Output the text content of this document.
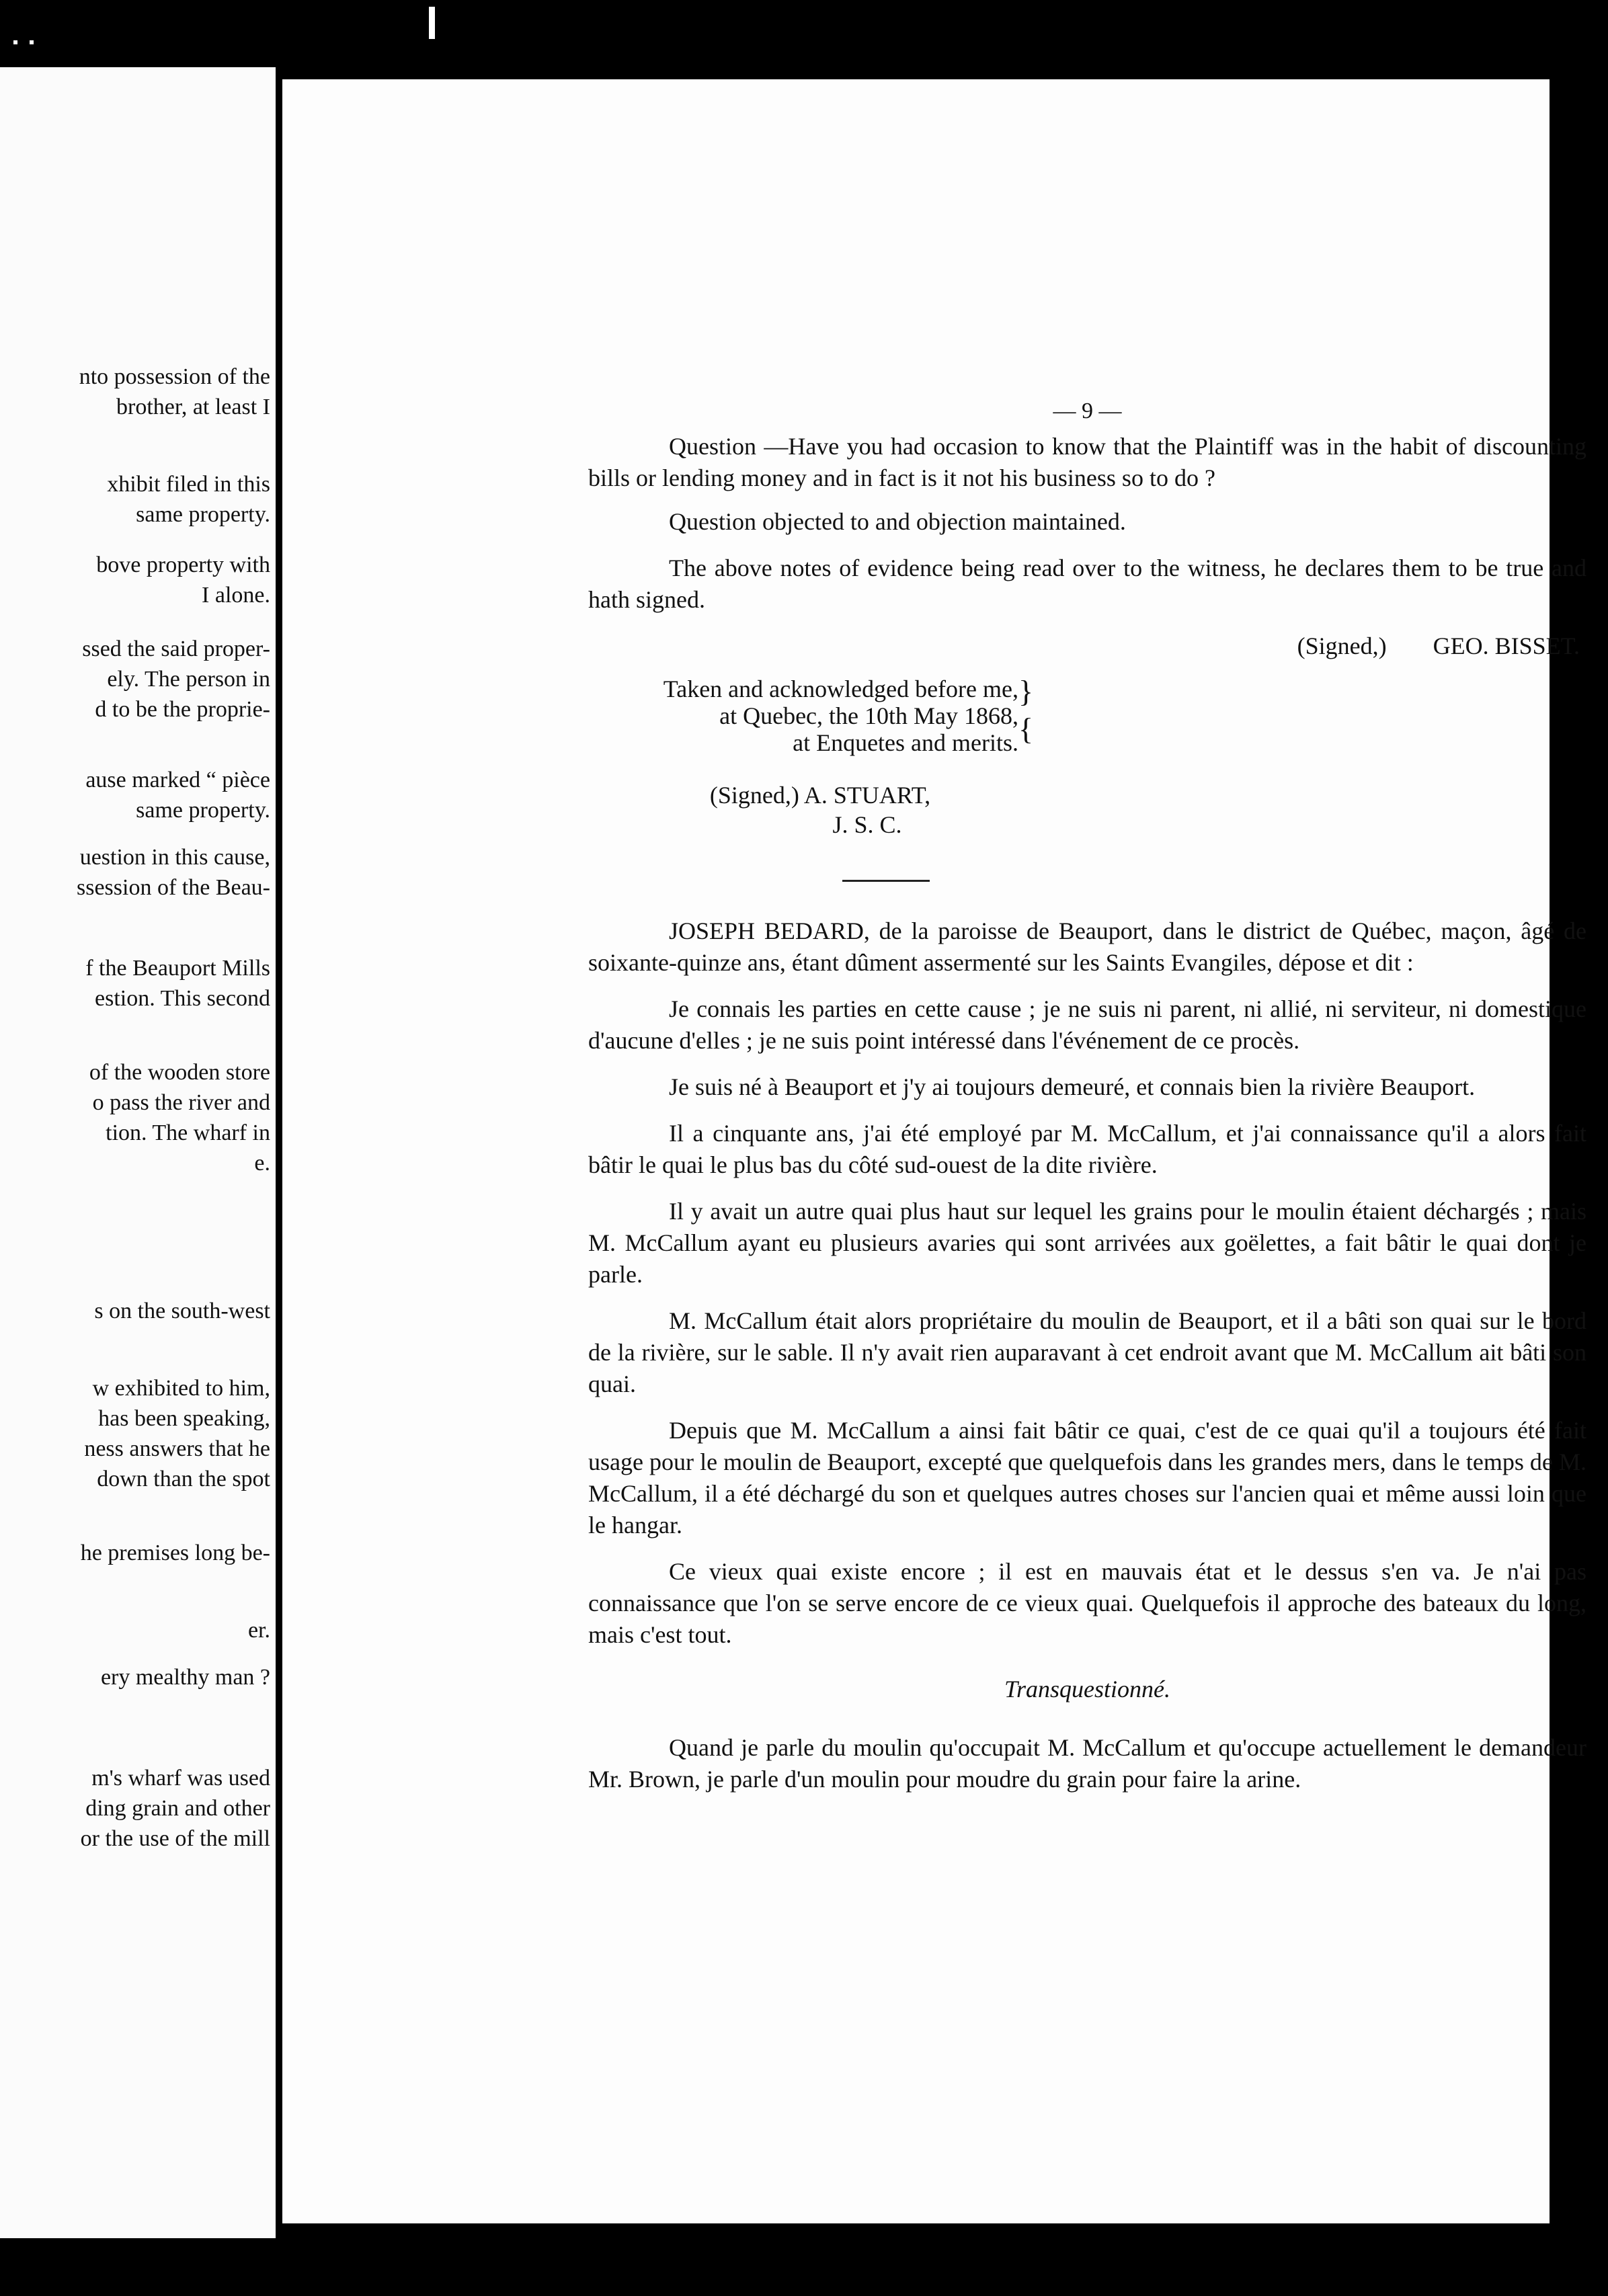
nto possession of the
brother, at least I
xhibit filed in this
same property.
bove property with
I alone.
ssed the said proper-
ely. The person in
d to be the proprie-
ause marked “ pièce
same property.
uestion in this cause,
ssession of the Beau-
f the Beauport Mills
estion. This second
of the wooden store
o pass the river and
tion. The wharf in
e.
s on the south-west
w exhibited to him,
has been speaking,
ness answers that he
down than the spot
he premises long be-
er.
ery mealthy man ?
m's wharf was used
ding grain and other
or the use of the mill
— 9 —

Question —Have you had occasion to know that the Plaintiff was in the habit of discounting bills or lending money and in fact is it not his business so to do ?

Question objected to and objection maintained.

The above notes of evidence being read over to the witness, he declares them to be true and hath signed.

(Signed,) GEO. BISSET.
Taken and acknowledged before me,
at Quebec, the 10th May 1868,
at Enquetes and merits.
}
{
(Signed,) A. STUART,
J. S. C.

JOSEPH BEDARD, de la paroisse de Beauport, dans le district de Québec, maçon, âgé de soixante-quinze ans, étant dûment assermenté sur les Saints Evangiles, dépose et dit :

Je connais les parties en cette cause ; je ne suis ni parent, ni allié, ni serviteur, ni domestique d'aucune d'elles ; je ne suis point intéressé dans l'événement de ce procès.

Je suis né à Beauport et j'y ai toujours demeuré, et connais bien la rivière Beauport.

Il a cinquante ans, j'ai été employé par M. McCallum, et j'ai connaissance qu'il a alors fait bâtir le quai le plus bas du côté sud-ouest de la dite rivière.

Il y avait un autre quai plus haut sur lequel les grains pour le moulin étaient déchargés ; mais M. McCallum ayant eu plusieurs avaries qui sont arrivées aux goëlettes, a fait bâtir le quai dont je parle.

M. McCallum était alors propriétaire du moulin de Beauport, et il a bâti son quai sur le bord de la rivière, sur le sable. Il n'y avait rien auparavant à cet endroit avant que M. McCallum ait bâti son quai.

Depuis que M. McCallum a ainsi fait bâtir ce quai, c'est de ce quai qu'il a toujours été fait usage pour le moulin de Beauport, excepté que quelquefois dans les grandes mers, dans le temps de M. McCallum, il a été déchargé du son et quelques autres choses sur l'ancien quai et même aussi loin que le hangar.

Ce vieux quai existe encore ; il est en mauvais état et le dessus s'en va. Je n'ai pas connaissance que l'on se serve encore de ce vieux quai. Quelquefois il approche des bateaux du long, mais c'est tout.

Transquestionné.

Quand je parle du moulin qu'occupait M. McCallum et qu'occupe actuellement le demandeur Mr. Brown, je parle d'un moulin pour moudre du grain pour faire la arine.
